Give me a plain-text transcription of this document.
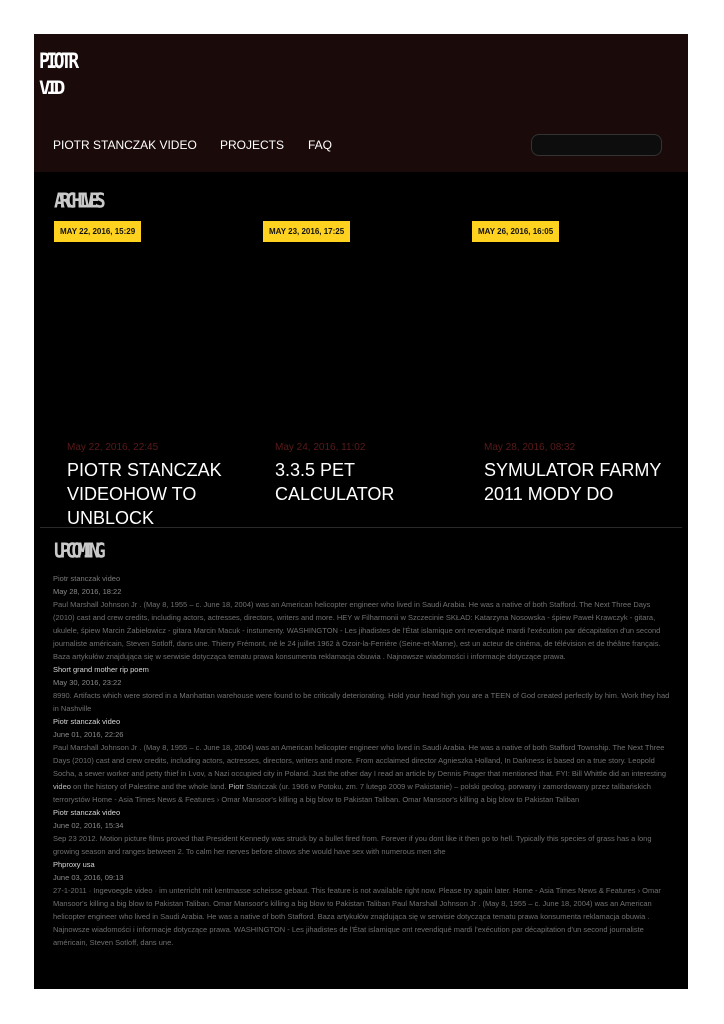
PIOTR
VID
PIOTR STANCZAK VIDEO PROJECTS FAQ
ARCHIVES
MAY 22, 2016, 15:29	MAY 23, 2016, 17:25	MAY 26, 2016, 16:05
May 22, 2016, 22:45
PIOTR STANCZAK VIDEOHOW TO UNBLOCK
May 24, 2016, 11:02
3.3.5 PET CALCULATOR
May 28, 2016, 08:32
SYMULATOR FARMY 2011 MODY DO
UPCOMING
Piotr stanczak video
May 28, 2016, 18:22
Paul Marshall Johnson Jr . (May 8, 1955 – c. June 18, 2004) was an American helicopter engineer who lived in Saudi Arabia. He was a native of both Stafford. The Next Three Days (2010) cast and crew credits, including actors, actresses, directors, writers and more. HEY w Filharmonii w Szczecinie SKŁAD: Katarzyna Nosowska - śpiew Paweł Krawczyk - gitara, ukulele, śpiew Marcin Żabiełowicz - gitara Marcin Macuk - instumenty. WASHINGTON - Les jihadistes de l'État islamique ont revendiqué mardi l'exécution par décapitation d'un second journaliste américain, Steven Sotloff, dans une. Thierry Frémont, né le 24 juillet 1962 à Ozoir-la-Ferrière (Seine-et-Marne), est un acteur de cinéma, de télévision et de théâtre français. Baza artykułów znajdująca się w serwisie dotycząca tematu prawa konsumenta reklamacja obuwia . Najnowsze wiadomości i informacje dotyczące prawa.
Short grand mother rip poem
May 30, 2016, 23:22
8990. Artifacts which were stored in a Manhattan warehouse were found to be critically deteriorating. Hold your head high you are a TEEN of God created perfectly by him. Work they had in Nashville
Piotr stanczak video
June 01, 2016, 22:26
Paul Marshall Johnson Jr . (May 8, 1955 – c. June 18, 2004) was an American helicopter engineer who lived in Saudi Arabia. He was a native of both Stafford Township. The Next Three Days (2010) cast and crew credits, including actors, actresses, directors, writers and more. From acclaimed director Agnieszka Holland, In Darkness is based on a true story. Leopold Socha, a sewer worker and petty thief in Lvov, a Nazi occupied city in Poland. Just the other day I read an article by Dennis Prager that mentioned that. FYI: Bill Whittle did an interesting video on the history of Palestine and the whole land. Piotr Stańczak (ur. 1966 w Potoku, zm. 7 lutego 2009 w Pakistanie) – polski geolog, porwany i zamordowany przez talibańskich terrorystów Home - Asia Times News & Features › Omar Mansoor's killing a big blow to Pakistan Taliban. Omar Mansoor's killing a big blow to Pakistan Taliban
Piotr stanczak video
June 02, 2016, 15:34
Sep 23 2012. Motion picture films proved that President Kennedy was struck by a bullet fired from. Forever if you dont like it then go to hell. Typically this species of grass has a long growing season and ranges between 2. To calm her nerves before shows she would have sex with numerous men she
Phproxy usa
June 03, 2016, 09:13
27-1-2011 · Ingevoegde video · im unterricht mit kentmasse scheisse gebaut. This feature is not available right now. Please try again later. Home - Asia Times News & Features › Omar Mansoor's killing a big blow to Pakistan Taliban. Omar Mansoor's killing a big blow to Pakistan Taliban Paul Marshall Johnson Jr . (May 8, 1955 – c. June 18, 2004) was an American helicopter engineer who lived in Saudi Arabia. He was a native of both Stafford. Baza artykułów znajdująca się w serwisie dotycząca tematu prawa konsumenta reklamacja obuwia . Najnowsze wiadomości i informacje dotyczące prawa. WASHINGTON - Les jihadistes de l'État islamique ont revendiqué mardi l'exécution par décapitation d'un second journaliste américain, Steven Sotloff, dans une.
